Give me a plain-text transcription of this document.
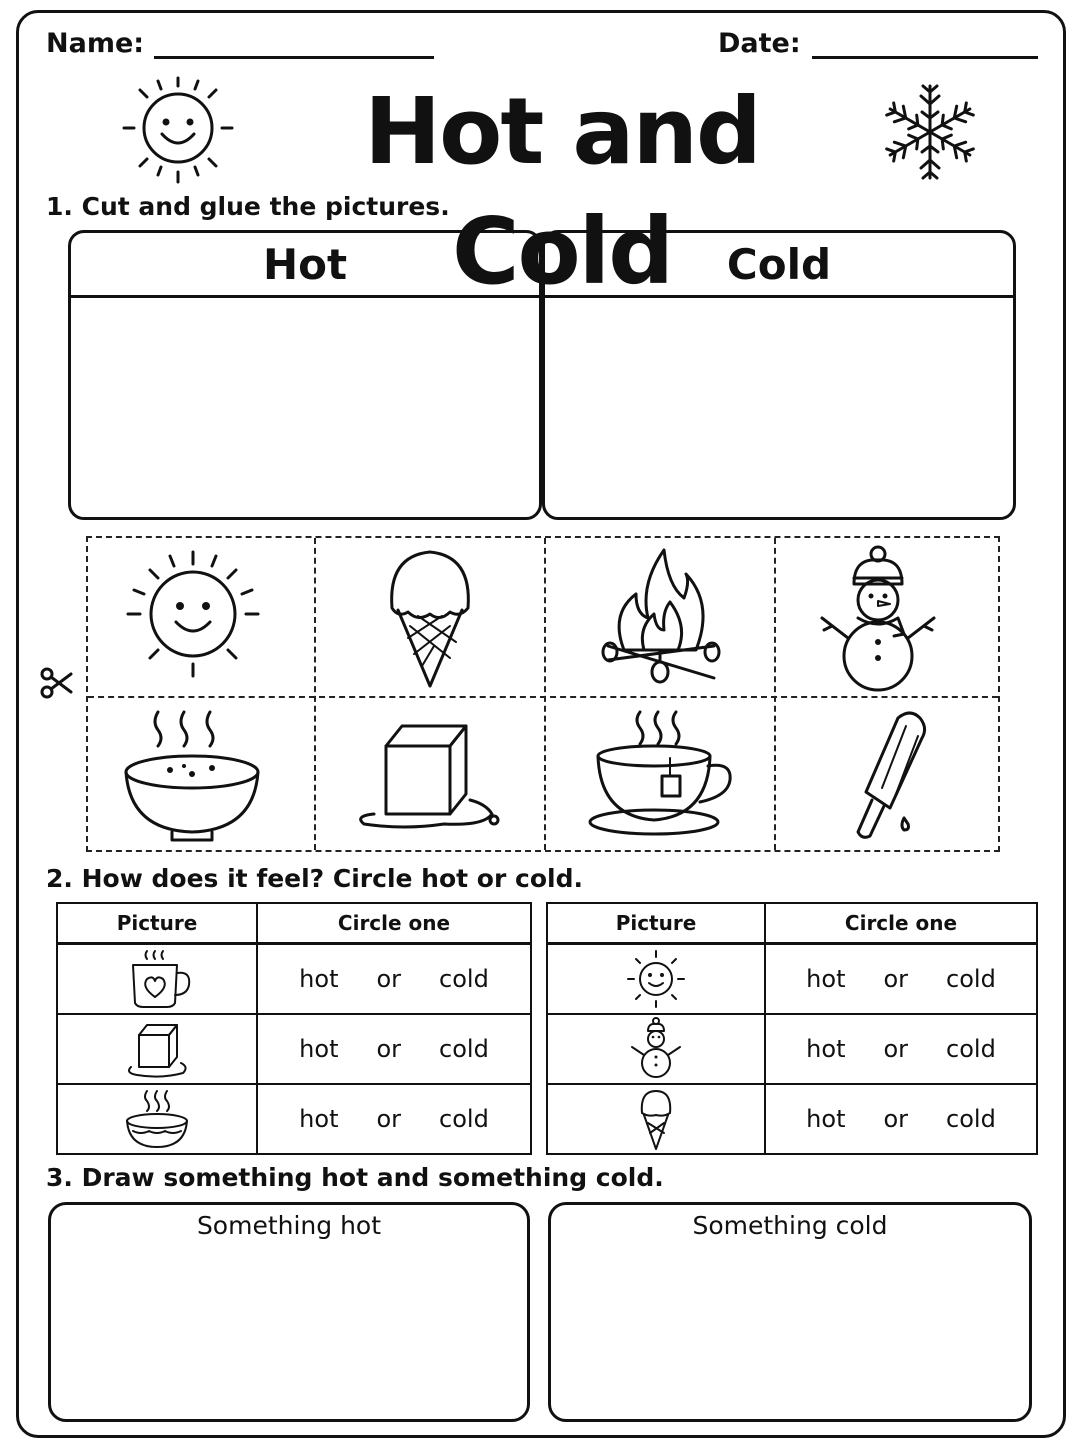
Name:	Date:
Hot and Cold
1. Cut and glue the pictures.
Hot	Cold
2. How does it feel? Circle hot or cold.
Picture	Circle one

hot or cold

hot or cold

hot or cold
Picture	Circle one

hot or cold

hot or cold

hot or cold
3. Draw something hot and something cold.
Something hot	Something cold
